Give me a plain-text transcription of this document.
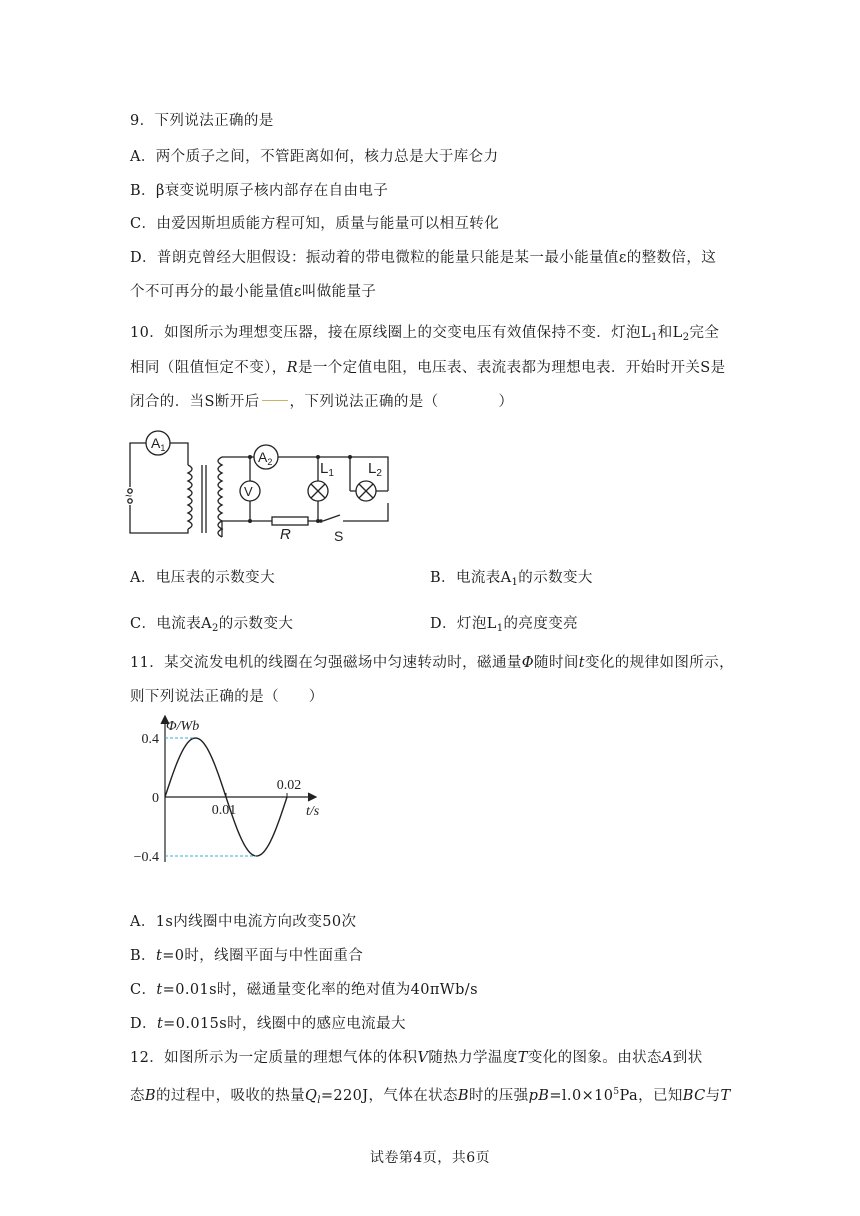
9．下列说法正确的是
A．两个质子之间，不管距离如何，核力总是大于库仑力
B．β衰变说明原子核内部存在自由电子
C．由爱因斯坦质能方程可知，质量与能量可以相互转化
D．普朗克曾经大胆假设：振动着的带电微粒的能量只能是某一最小能量值ε的整数倍，这
个不可再分的最小能量值ε叫做能量子
10．如图所示为理想变压器，接在原线圈上的交变电压有效值保持不变．灯泡$L_1$和$L_2$完全
相同（阻值恒定不变），R是一个定值电阻，电压表、表流表都为理想电表．开始时开关S是
闭合的．当S断开后 ，下列说法正确的是（	）
$A_1$
$A_2$
V
$L_1$ $L_2$
R	S
~
A．电压表的示数变大	B．电流表$A_1$的示数变大
C．电流表$A_2$的示数变大	D．灯泡$L_1$的亮度变亮
11．某交流发电机的线圈在匀强磁场中匀速转动时，磁通量Φ随时间t变化的规律如图所示，
则下列说法正确的是（　　）
Φ/Wb
t/s
0.4
0
−0.4
0.01
0.02
A．1s内线圈中电流方向改变50次
B．t=0时，线圈平面与中性面重合
C．t=0.01s时，磁通量变化率的绝对值为40πWb/s
D．t=0.015s时，线圈中的感应电流最大
12．如图所示为一定质量的理想气体的体积V随热力学温度T变化的图象。由状态A到状
态B的过程中，吸收的热量$Q_l=220J$，气体在状态B时的压强$pB=l.0\times 10^5Pa$，已知BC与T
试卷第4页，共6页
